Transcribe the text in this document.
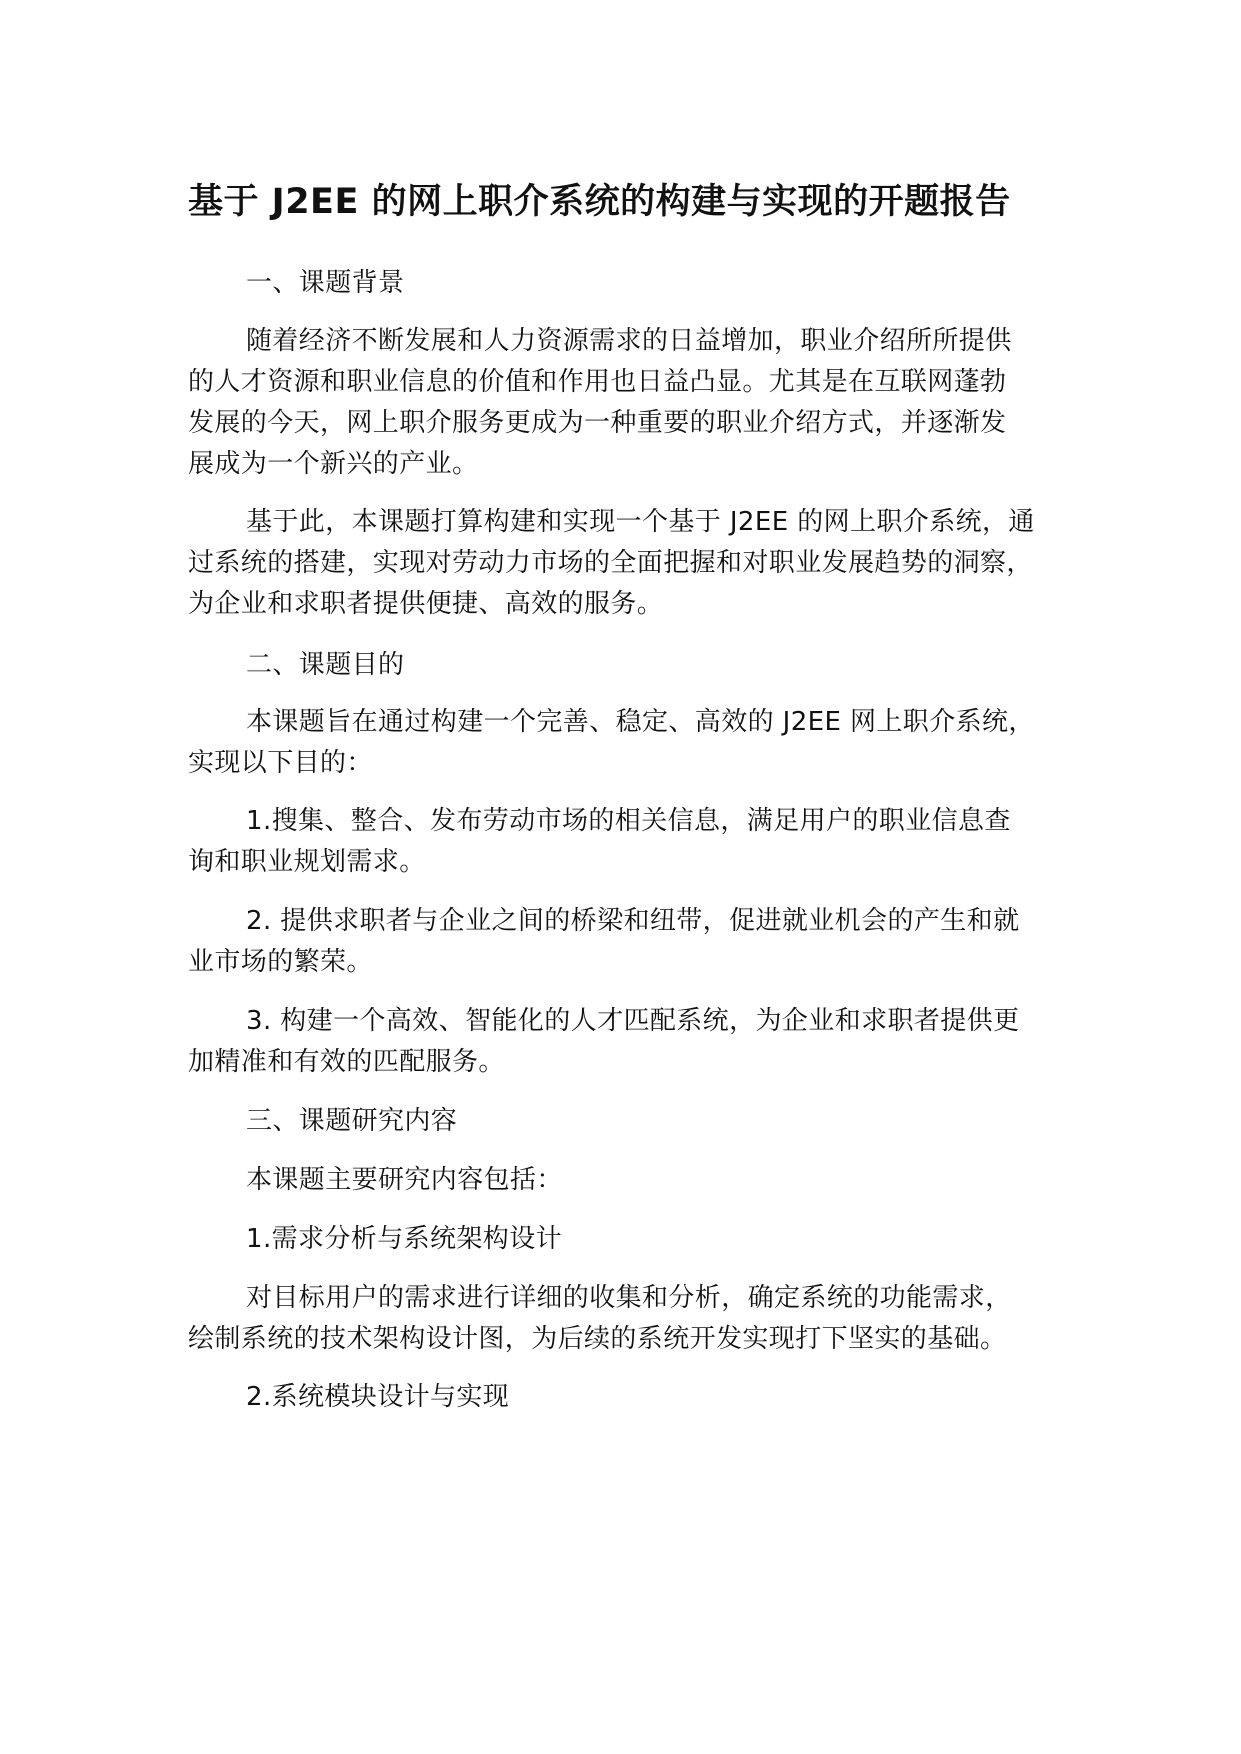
基于 J2EE 的网上职介系统的构建与实现的开题报告

一、课题背景

随着经济不断发展和人力资源需求的日益增加，职业介绍所所提供

的人才资源和职业信息的价值和作用也日益凸显。尤其是在互联网蓬勃

发展的今天，网上职介服务更成为一种重要的职业介绍方式，并逐渐发

展成为一个新兴的产业。

基于此，本课题打算构建和实现一个基于 J2EE 的网上职介系统，通

过系统的搭建，实现对劳动力市场的全面把握和对职业发展趋势的洞察，

为企业和求职者提供便捷、高效的服务。

二、课题目的

本课题旨在通过构建一个完善、稳定、高效的 J2EE 网上职介系统，

实现以下目的：

1.搜集、整合、发布劳动市场的相关信息，满足用户的职业信息查

询和职业规划需求。

2. 提供求职者与企业之间的桥梁和纽带，促进就业机会的产生和就

业市场的繁荣。

3. 构建一个高效、智能化的人才匹配系统，为企业和求职者提供更

加精准和有效的匹配服务。

三、课题研究内容

本课题主要研究内容包括：

1.需求分析与系统架构设计

对目标用户的需求进行详细的收集和分析，确定系统的功能需求，

绘制系统的技术架构设计图，为后续的系统开发实现打下坚实的基础。

2.系统模块设计与实现
